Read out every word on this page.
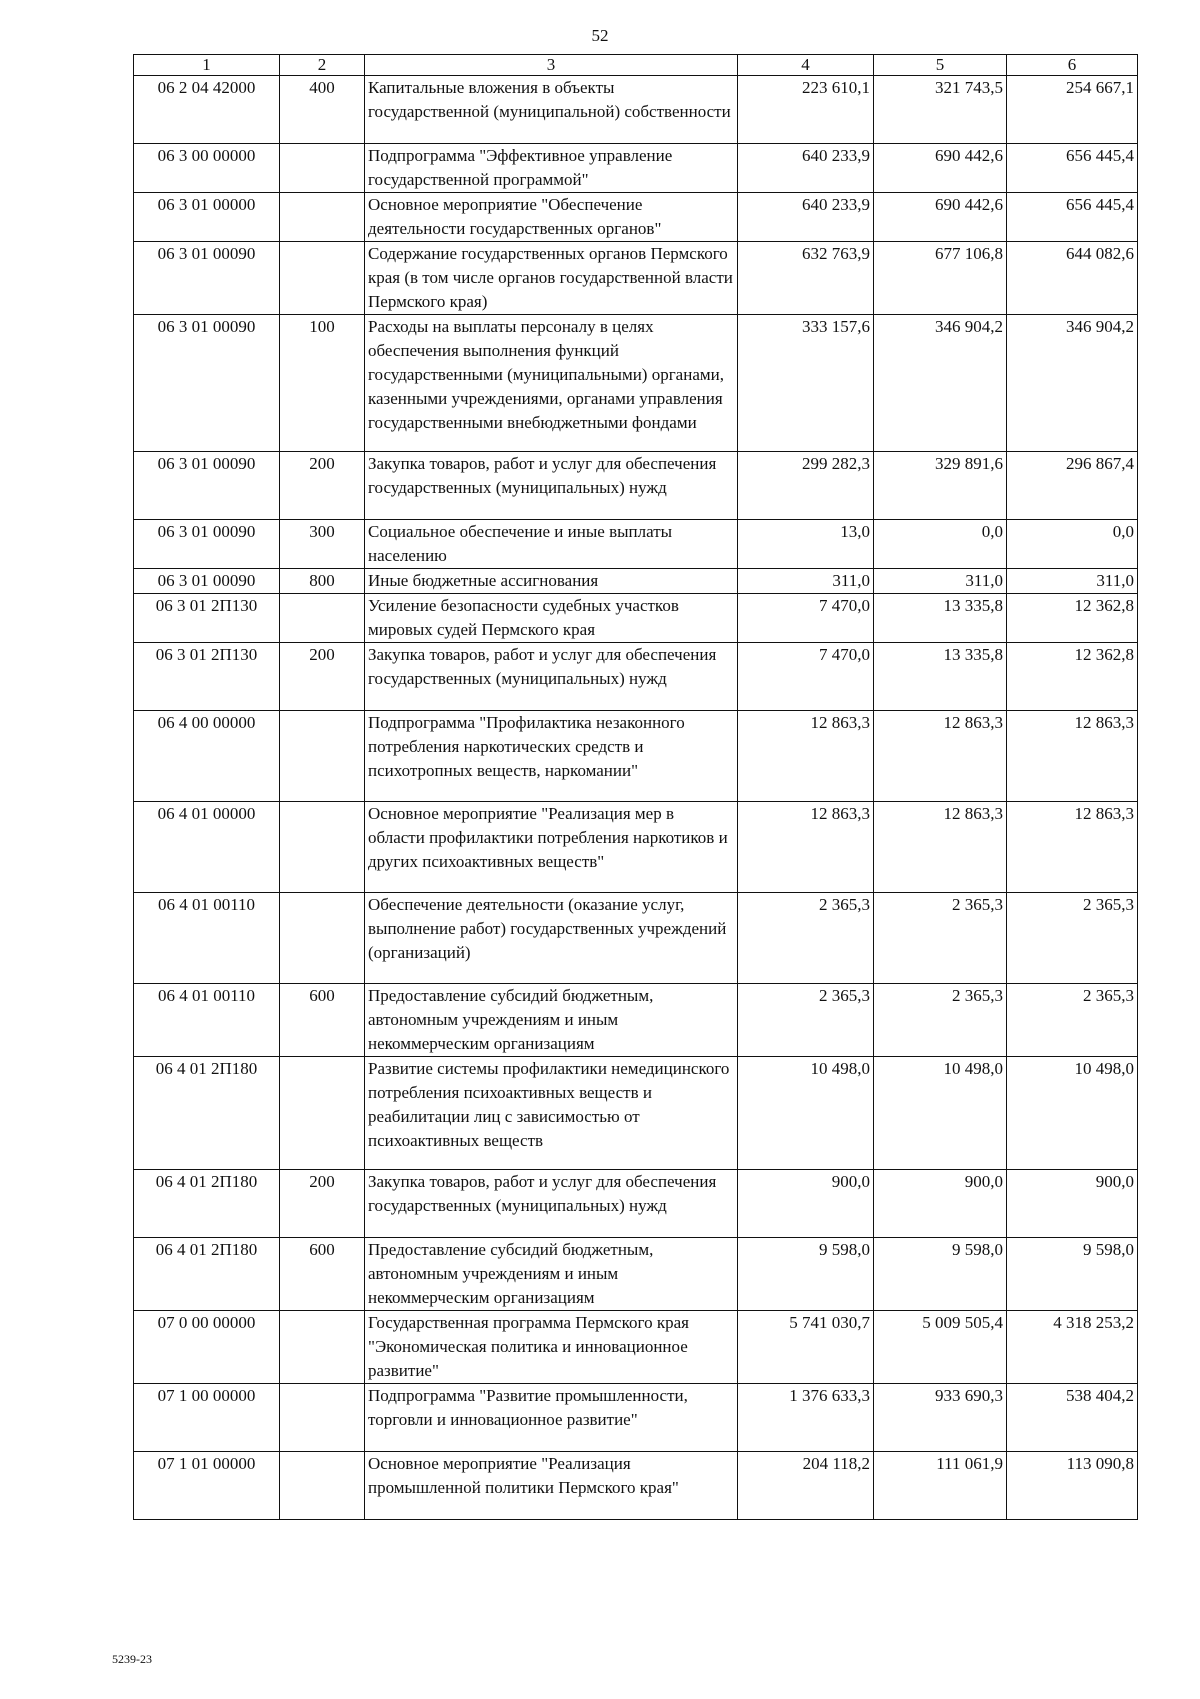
52
1	2	3	4	5	6
06 2 04 42000	400	Капитальные вложения в объекты государственной (муниципальной) собственности	223 610,1	321 743,5	254 667,1
06 3 00 00000		Подпрограмма "Эффективное управление государственной программой"	640 233,9	690 442,6	656 445,4
06 3 01 00000		Основное мероприятие "Обеспечение деятельности государственных органов"	640 233,9	690 442,6	656 445,4
06 3 01 00090		Содержание государственных органов Пермского края (в том числе органов государственной власти Пермского края)	632 763,9	677 106,8	644 082,6
06 3 01 00090	100	Расходы на выплаты персоналу в целях обеспечения выполнения функций государственными (муниципальными) органами, казенными учреждениями, органами управления государственными внебюджетными фондами	333 157,6	346 904,2	346 904,2
06 3 01 00090	200	Закупка товаров, работ и услуг для обеспечения государственных (муниципальных) нужд	299 282,3	329 891,6	296 867,4
06 3 01 00090	300	Социальное обеспечение и иные выплаты населению	13,0	0,0	0,0
06 3 01 00090	800	Иные бюджетные ассигнования	311,0	311,0	311,0
06 3 01 2П130		Усиление безопасности судебных участков мировых судей Пермского края	7 470,0	13 335,8	12 362,8
06 3 01 2П130	200	Закупка товаров, работ и услуг для обеспечения государственных (муниципальных) нужд	7 470,0	13 335,8	12 362,8
06 4 00 00000		Подпрограмма "Профилактика незаконного потребления наркотических средств и психотропных веществ, наркомании"	12 863,3	12 863,3	12 863,3
06 4 01 00000		Основное мероприятие "Реализация мер в области профилактики потребления наркотиков и других психоактивных веществ"	12 863,3	12 863,3	12 863,3
06 4 01 00110		Обеспечение деятельности (оказание услуг, выполнение работ) государственных учреждений (организаций)	2 365,3	2 365,3	2 365,3
06 4 01 00110	600	Предоставление субсидий бюджетным, автономным учреждениям и иным некоммерческим организациям	2 365,3	2 365,3	2 365,3
06 4 01 2П180		Развитие системы профилактики немедицинского потребления психоактивных веществ и реабилитации лиц с зависимостью от психоактивных веществ	10 498,0	10 498,0	10 498,0
06 4 01 2П180	200	Закупка товаров, работ и услуг для обеспечения государственных (муниципальных) нужд	900,0	900,0	900,0
06 4 01 2П180	600	Предоставление субсидий бюджетным, автономным учреждениям и иным некоммерческим организациям	9 598,0	9 598,0	9 598,0
07 0 00 00000		Государственная программа Пермского края "Экономическая политика и инновационное развитие"	5 741 030,7	5 009 505,4	4 318 253,2
07 1 00 00000		Подпрограмма "Развитие промышленности, торговли и инновационное развитие"	1 376 633,3	933 690,3	538 404,2
07 1 01 00000		Основное мероприятие "Реализация промышленной политики Пермского края"	204 118,2	111 061,9	113 090,8
5239-23
